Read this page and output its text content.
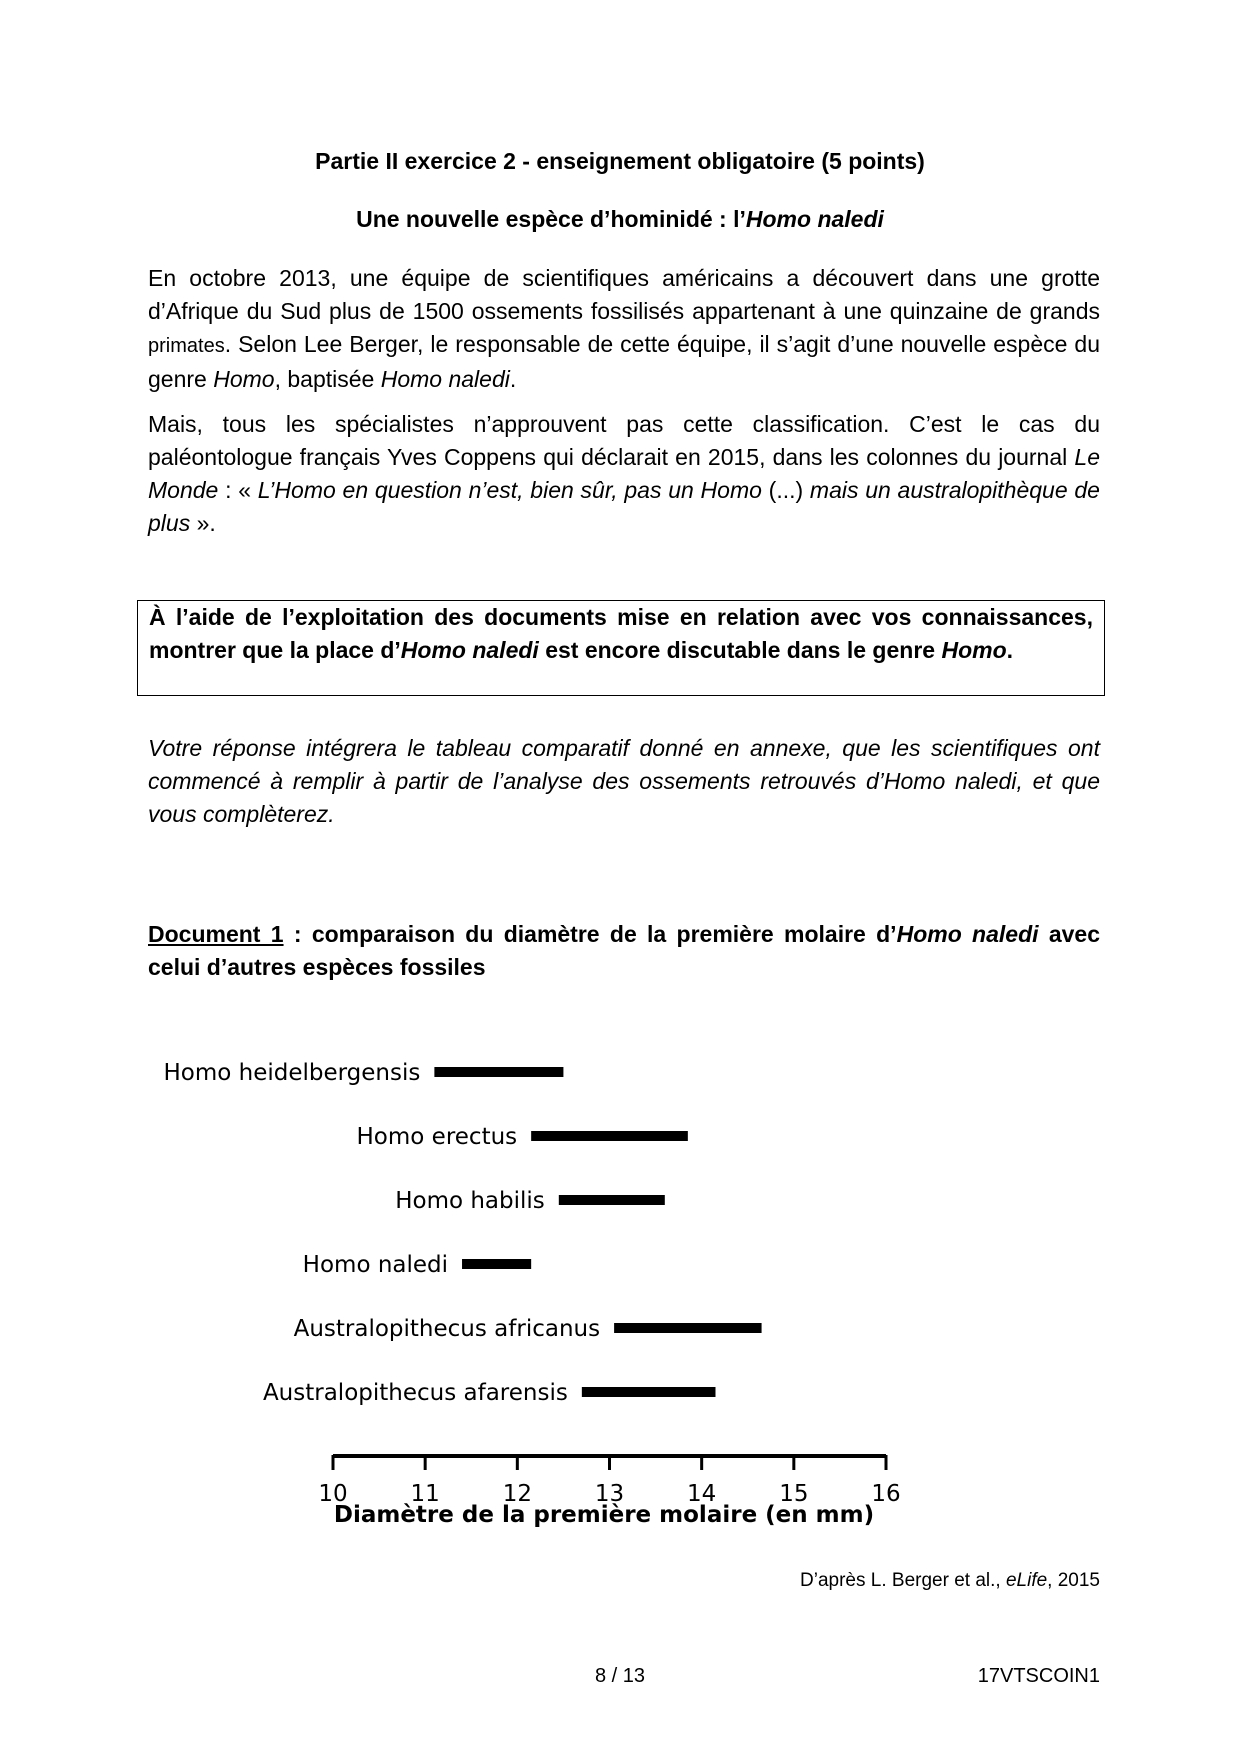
Partie II exercice 2 - enseignement obligatoire (5 points)
Une nouvelle espèce d’hominidé : l’Homo naledi

En octobre 2013, une équipe de scientifiques américains a découvert dans une grotte d’Afrique du Sud plus de 1500 ossements fossilisés appartenant à une quinzaine de grands primates. Selon Lee Berger, le responsable de cette équipe, il s’agit d’une nouvelle espèce du genre Homo, baptisée Homo naledi.

Mais, tous les spécialistes n’approuvent pas cette classification. C’est le cas du paléontologue français Yves Coppens qui déclarait en 2015, dans les colonnes du journal Le Monde : « L’Homo en question n’est, bien sûr, pas un Homo (...) mais un australopithèque de plus ».

À l’aide de l’exploitation des documents mise en relation avec vos connaissances, montrer que la place d’Homo naledi est encore discutable dans le genre Homo.

Votre réponse intégrera le tableau comparatif donné en annexe, que les scientifiques ont commencé à remplir à partir de l’analyse des ossements retrouvés d’Homo naledi, et que vous complèterez.

Document 1 : comparaison du diamètre de la première molaire d’Homo naledi avec celui d’autres espèces fossiles
Homo heidelbergensis
Homo erectus
Homo habilis
Homo naledi
Australopithecus africanus
Australopithecus afarensis
10	11	12	13	14	15	16
Diamètre de la première molaire (en mm)
D’après L. Berger et al., eLife, 2015
8 / 13	17VTSCOIN1
